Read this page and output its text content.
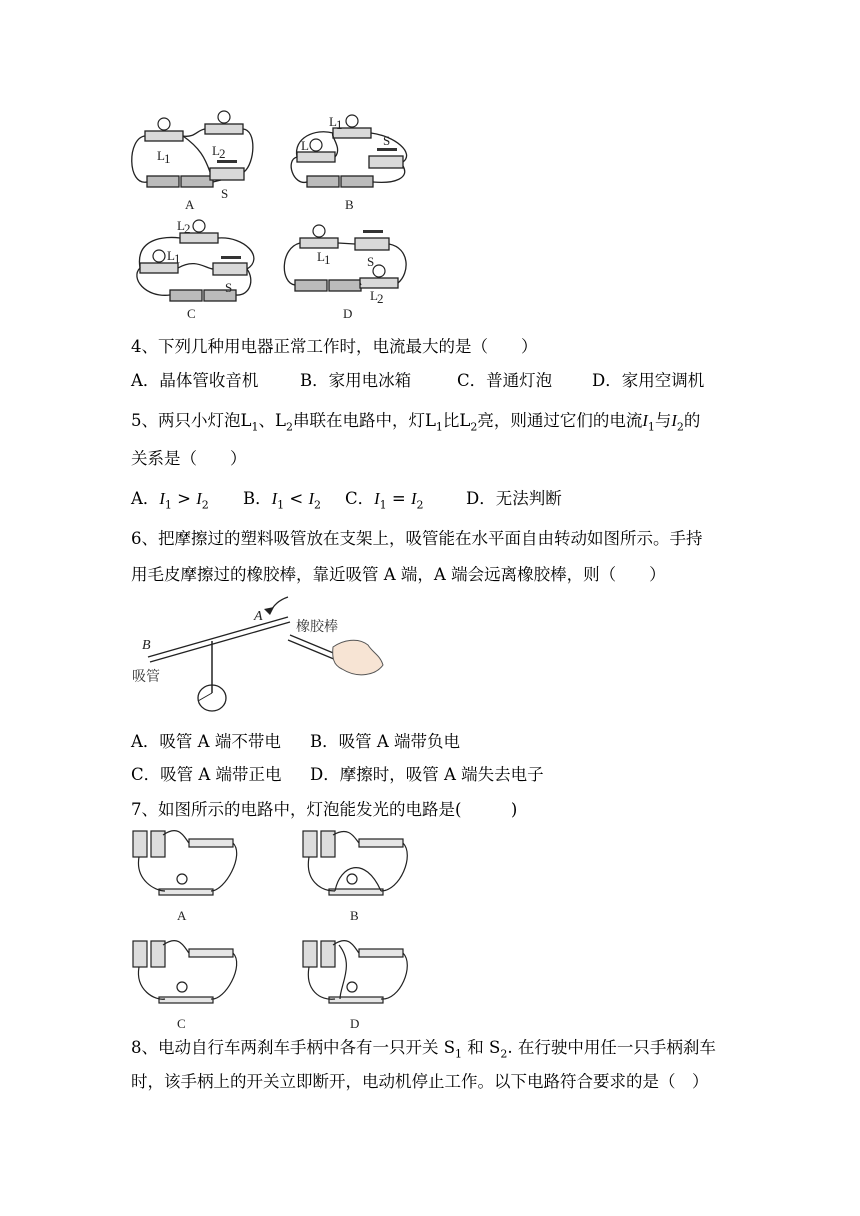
L 1
L 2
S
L 1
L	S
L 2
L 1
S
L 1	S
L 2
A	B
C	D
4、下列几种用电器正常工作时，电流最大的是（　　）
A．晶体管收音机	B．家用电冰箱	C．普通灯泡 D．家用空调机
5、两只小灯泡$L_1$、$L_2$串联在电路中，灯$L_1$比$L_2$亮，则通过它们的电流$I_1$与$I_2$的
关系是（　　）
A．$I_1 > I_2$ B．$I_1 < I_2$ C．$I_1 = I_2$	D．无法判断
6、把摩擦过的塑料吸管放在支架上，吸管能在水平面自由转动如图所示。手持
用毛皮摩擦过的橡胶棒，靠近吸管 A 端，A 端会远离橡胶棒，则（　　）
A
B
橡胶棒
吸管
A．吸管 A 端不带电 B．吸管 A 端带负电
C．吸管 A 端带正电 D．摩擦时，吸管 A 端失去电子
7、如图所示的电路中，灯泡能发光的电路是(　　　)
A	B
C	D
8、电动自行车两刹车手柄中各有一只开关 $S_1$ 和 $S_2$. 在行驶中用任一只手柄刹车
时，该手柄上的开关立即断开，电动机停止工作。以下电路符合要求的是（　）
